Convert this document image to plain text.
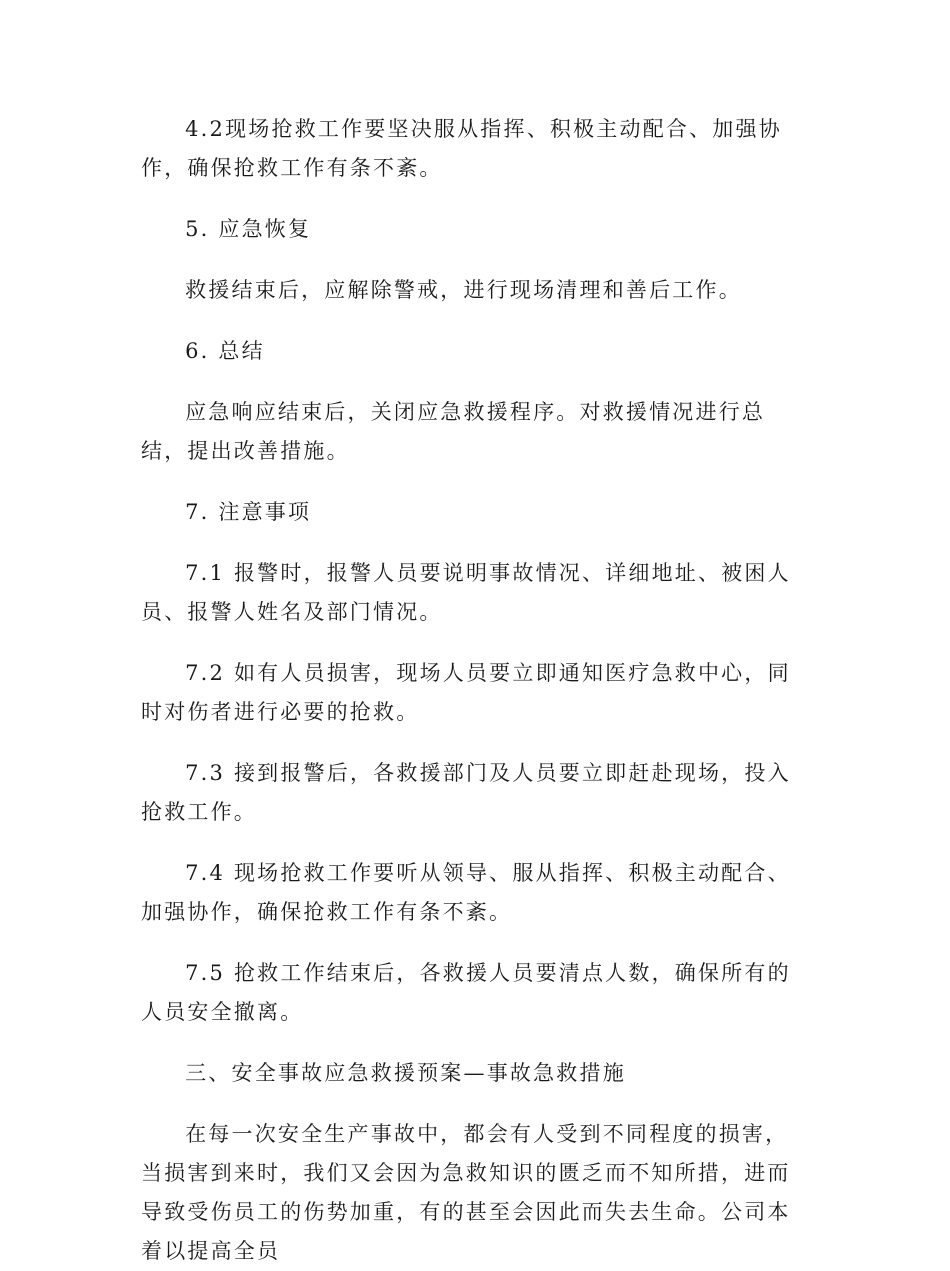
4.2现场抢救工作要坚决服从指挥、积极主动配合、加强协作，确保抢救工作有条不紊。

5. 应急恢复

救援结束后，应解除警戒，进行现场清理和善后工作。

6. 总结

应急响应结束后，关闭应急救援程序。对救援情况进行总结，提出改善措施。

7. 注意事项

7.1 报警时，报警人员要说明事故情况、详细地址、被困人员、报警人姓名及部门情况。

7.2 如有人员损害，现场人员要立即通知医疗急救中心，同时对伤者进行必要的抢救。

7.3 接到报警后，各救援部门及人员要立即赶赴现场，投入抢救工作。

7.4 现场抢救工作要听从领导、服从指挥、积极主动配合、加强协作，确保抢救工作有条不紊。

7.5 抢救工作结束后，各救援人员要清点人数，确保所有的人员安全撤离。

三、安全事故应急救援预案—事故急救措施

在每一次安全生产事故中，都会有人受到不同程度的损害，当损害到来时，我们又会因为急救知识的匮乏而不知所措，进而导致受伤员工的伤势加重，有的甚至会因此而失去生命。公司本着以提高全员
